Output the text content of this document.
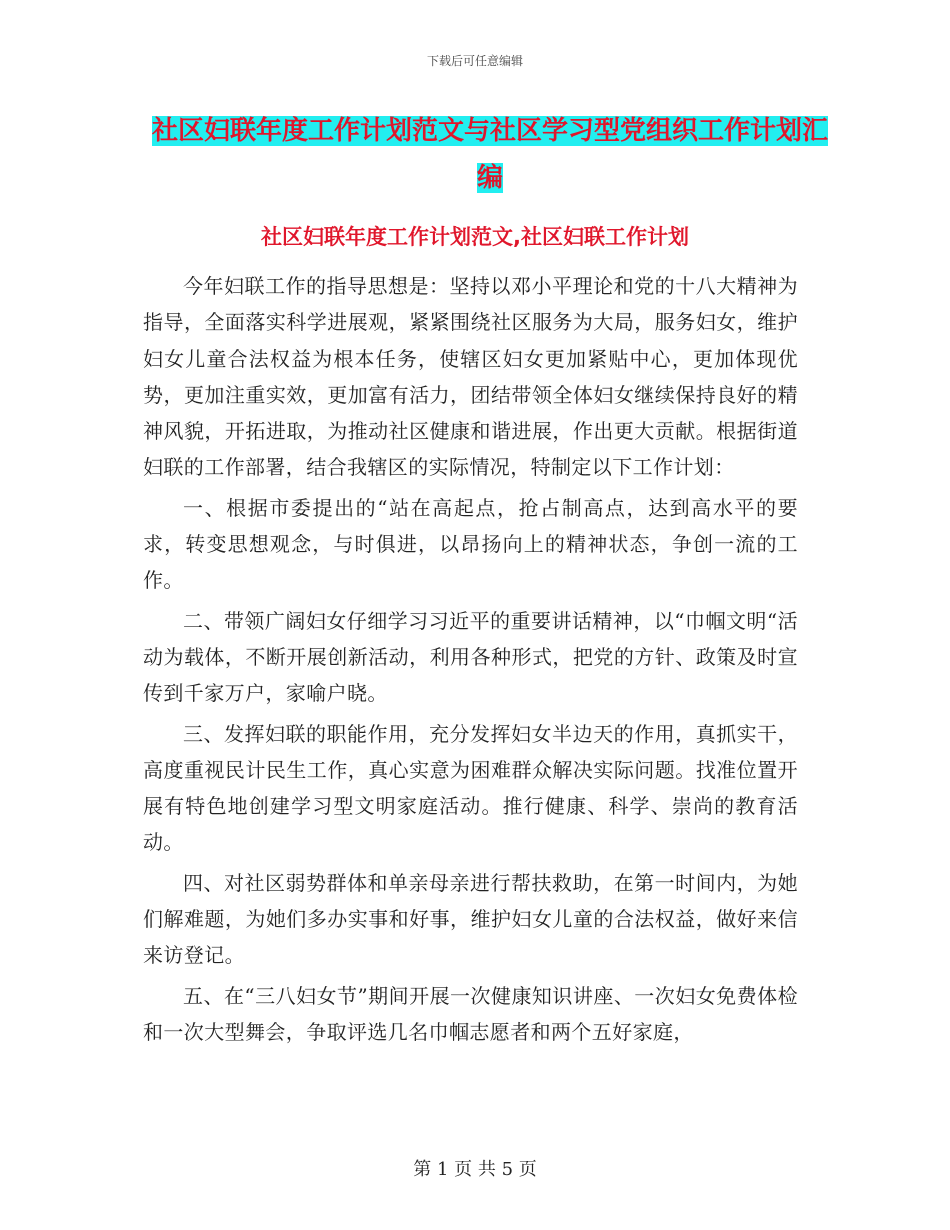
下载后可任意编辑
社区妇联年度工作计划范文与社区学习型党组织工作计划汇编
社区妇联年度工作计划范文,社区妇联工作计划

今年妇联工作的指导思想是：坚持以邓小平理论和党的十八大精神为指导，全面落实科学进展观，紧紧围绕社区服务为大局，服务妇女，维护妇女儿童合法权益为根本任务，使辖区妇女更加紧贴中心，更加体现优势，更加注重实效，更加富有活力，团结带领全体妇女继续保持良好的精神风貌，开拓进取，为推动社区健康和谐进展，作出更大贡献。根据街道妇联的工作部署，结合我辖区的实际情况，特制定以下工作计划：

一、根据市委提出的“站在高起点，抢占制高点，达到高水平的要求，转变思想观念，与时俱进，以昂扬向上的精神状态，争创一流的工作。

二、带领广阔妇女仔细学习习近平的重要讲话精神，以“巾帼文明“活动为载体，不断开展创新活动，利用各种形式，把党的方针、政策及时宣传到千家万户，家喻户晓。

三、发挥妇联的职能作用，充分发挥妇女半边天的作用，真抓实干，高度重视民计民生工作，真心实意为困难群众解决实际问题。找准位置开展有特色地创建学习型文明家庭活动。推行健康、科学、崇尚的教育活动。

四、对社区弱势群体和单亲母亲进行帮扶救助，在第一时间内，为她们解难题，为她们多办实事和好事，维护妇女儿童的合法权益，做好来信来访登记。

五、在“三八妇女节”期间开展一次健康知识讲座、一次妇女免费体检和一次大型舞会，争取评选几名巾帼志愿者和两个五好家庭，

第 1 页 共 5 页
